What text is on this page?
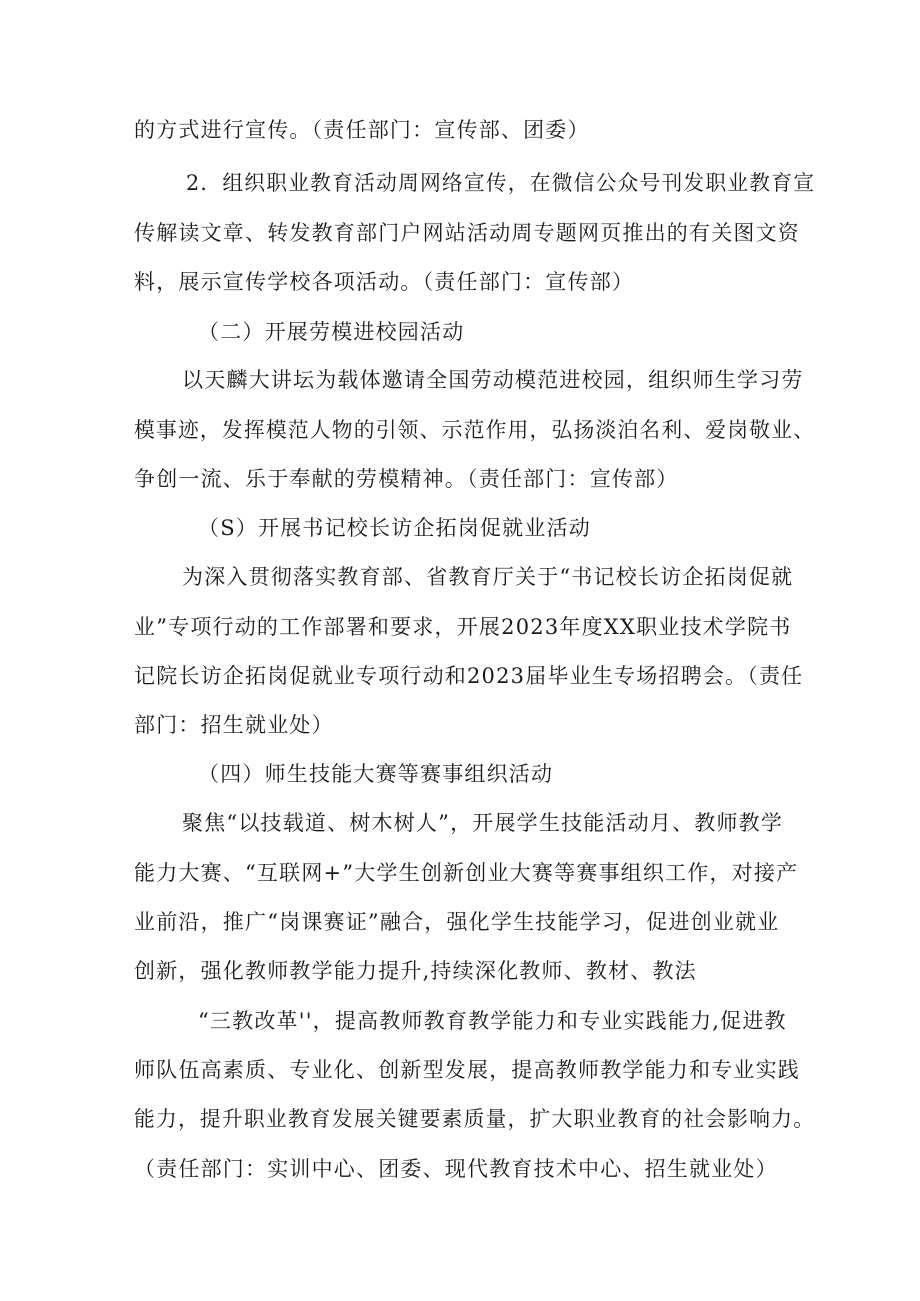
的方式进行宣传。（责任部门：宣传部、团委）
2．组织职业教育活动周网络宣传，在微信公众号刊发职业教育宣
传解读文章、转发教育部门户网站活动周专题网页推出的有关图文资
料，展示宣传学校各项活动。（责任部门：宣传部）
（二）开展劳模进校园活动
以天麟大讲坛为载体邀请全国劳动模范进校园，组织师生学习劳
模事迹，发挥模范人物的引领、示范作用，弘扬淡泊名利、爱岗敬业、
争创一流、乐于奉献的劳模精神。（责任部门：宣传部）
（S）开展书记校长访企拓岗促就业活动
为深入贯彻落实教育部、省教育厅关于“书记校长访企拓岗促就
业”专项行动的工作部署和要求，开展2023年度XX职业技术学院书
记院长访企拓岗促就业专项行动和2023届毕业生专场招聘会。（责任
部门：招生就业处）
（四）师生技能大赛等赛事组织活动
聚焦“以技载道、树木树人”，开展学生技能活动月、教师教学
能力大赛、“互联网+”大学生创新创业大赛等赛事组织工作，对接产
业前沿，推广“岗课赛证”融合，强化学生技能学习，促进创业就业
创新，强化教师教学能力提升,持续深化教师、教材、教法
“三教改革''，提高教师教育教学能力和专业实践能力,促进教
师队伍高素质、专业化、创新型发展，提高教师教学能力和专业实践
能力，提升职业教育发展关键要素质量，扩大职业教育的社会影响力。
（责任部门：实训中心、团委、现代教育技术中心、招生就业处）
